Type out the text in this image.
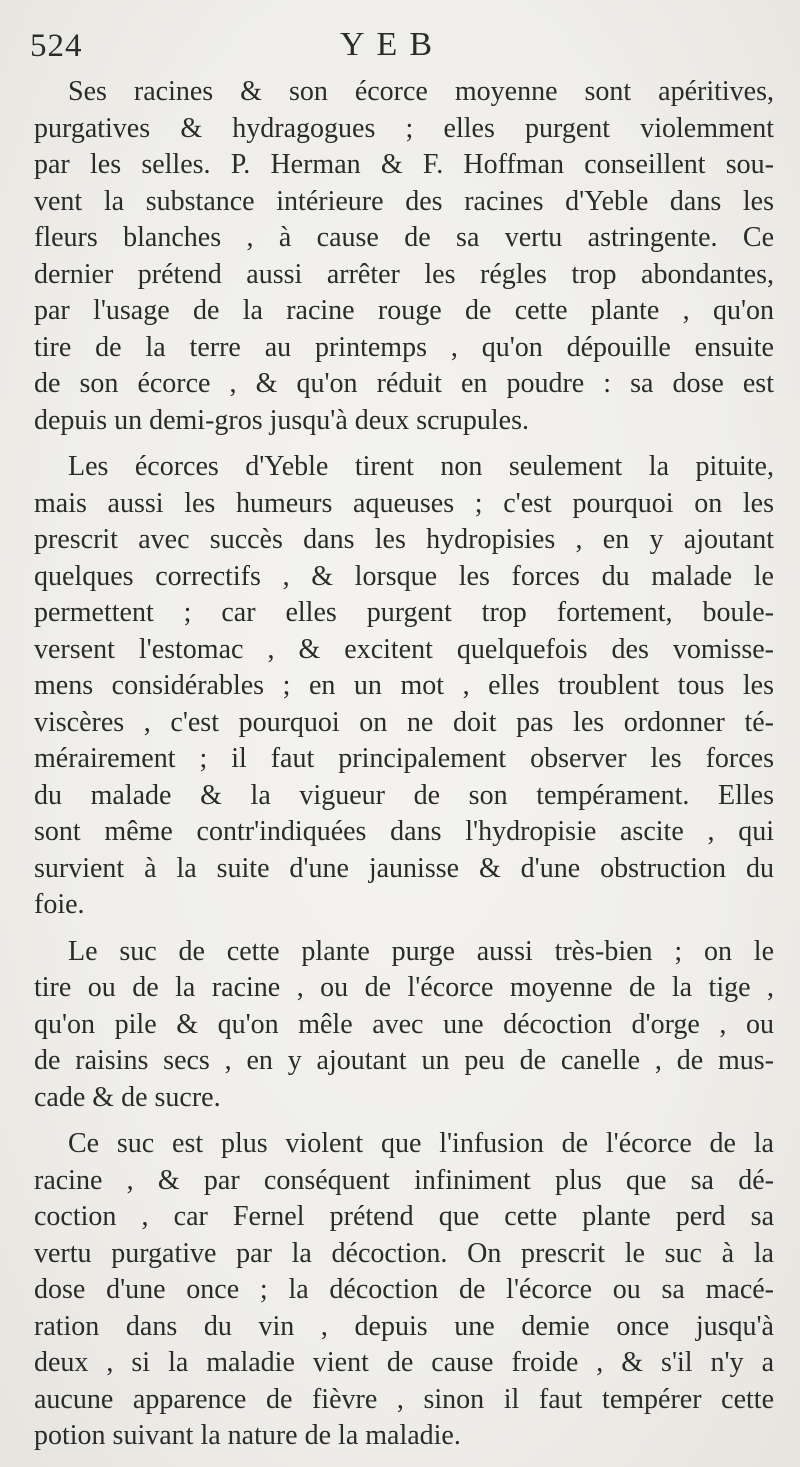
524	YEB
Ses racines & son écorce moyenne sont apéritives,
purgatives & hydragogues ; elles purgent violemment
par les selles. P. Herman & F. Hoffman conseillent sou-
vent la substance intérieure des racines d'Yeble dans les
fleurs blanches , à cause de sa vertu astringente. Ce
dernier prétend aussi arrêter les régles trop abondantes,
par l'usage de la racine rouge de cette plante , qu'on
tire de la terre au printemps , qu'on dépouille ensuite
de son écorce , & qu'on réduit en poudre : sa dose est
depuis un demi-gros jusqu'à deux scrupules.
Les écorces d'Yeble tirent non seulement la pituite,
mais aussi les humeurs aqueuses ; c'est pourquoi on les
prescrit avec succès dans les hydropisies , en y ajoutant
quelques correctifs , & lorsque les forces du malade le
permettent ; car elles purgent trop fortement, boule-
versent l'estomac , & excitent quelquefois des vomisse-
mens considérables ; en un mot , elles troublent tous les
viscères , c'est pourquoi on ne doit pas les ordonner té-
mérairement ; il faut principalement observer les forces
du malade & la vigueur de son tempérament. Elles
sont même contr'indiquées dans l'hydropisie ascite , qui
survient à la suite d'une jaunisse & d'une obstruction du
foie.
Le suc de cette plante purge aussi très-bien ; on le
tire ou de la racine , ou de l'écorce moyenne de la tige ,
qu'on pile & qu'on mêle avec une décoction d'orge , ou
de raisins secs , en y ajoutant un peu de canelle , de mus-
cade & de sucre.
Ce suc est plus violent que l'infusion de l'écorce de la
racine , & par conséquent infiniment plus que sa dé-
coction , car Fernel prétend que cette plante perd sa
vertu purgative par la décoction. On prescrit le suc à la
dose d'une once ; la décoction de l'écorce ou sa macé-
ration dans du vin , depuis une demie once jusqu'à
deux , si la maladie vient de cause froide , & s'il n'y a
aucune apparence de fièvre , sinon il faut tempérer cette
potion suivant la nature de la maladie.
